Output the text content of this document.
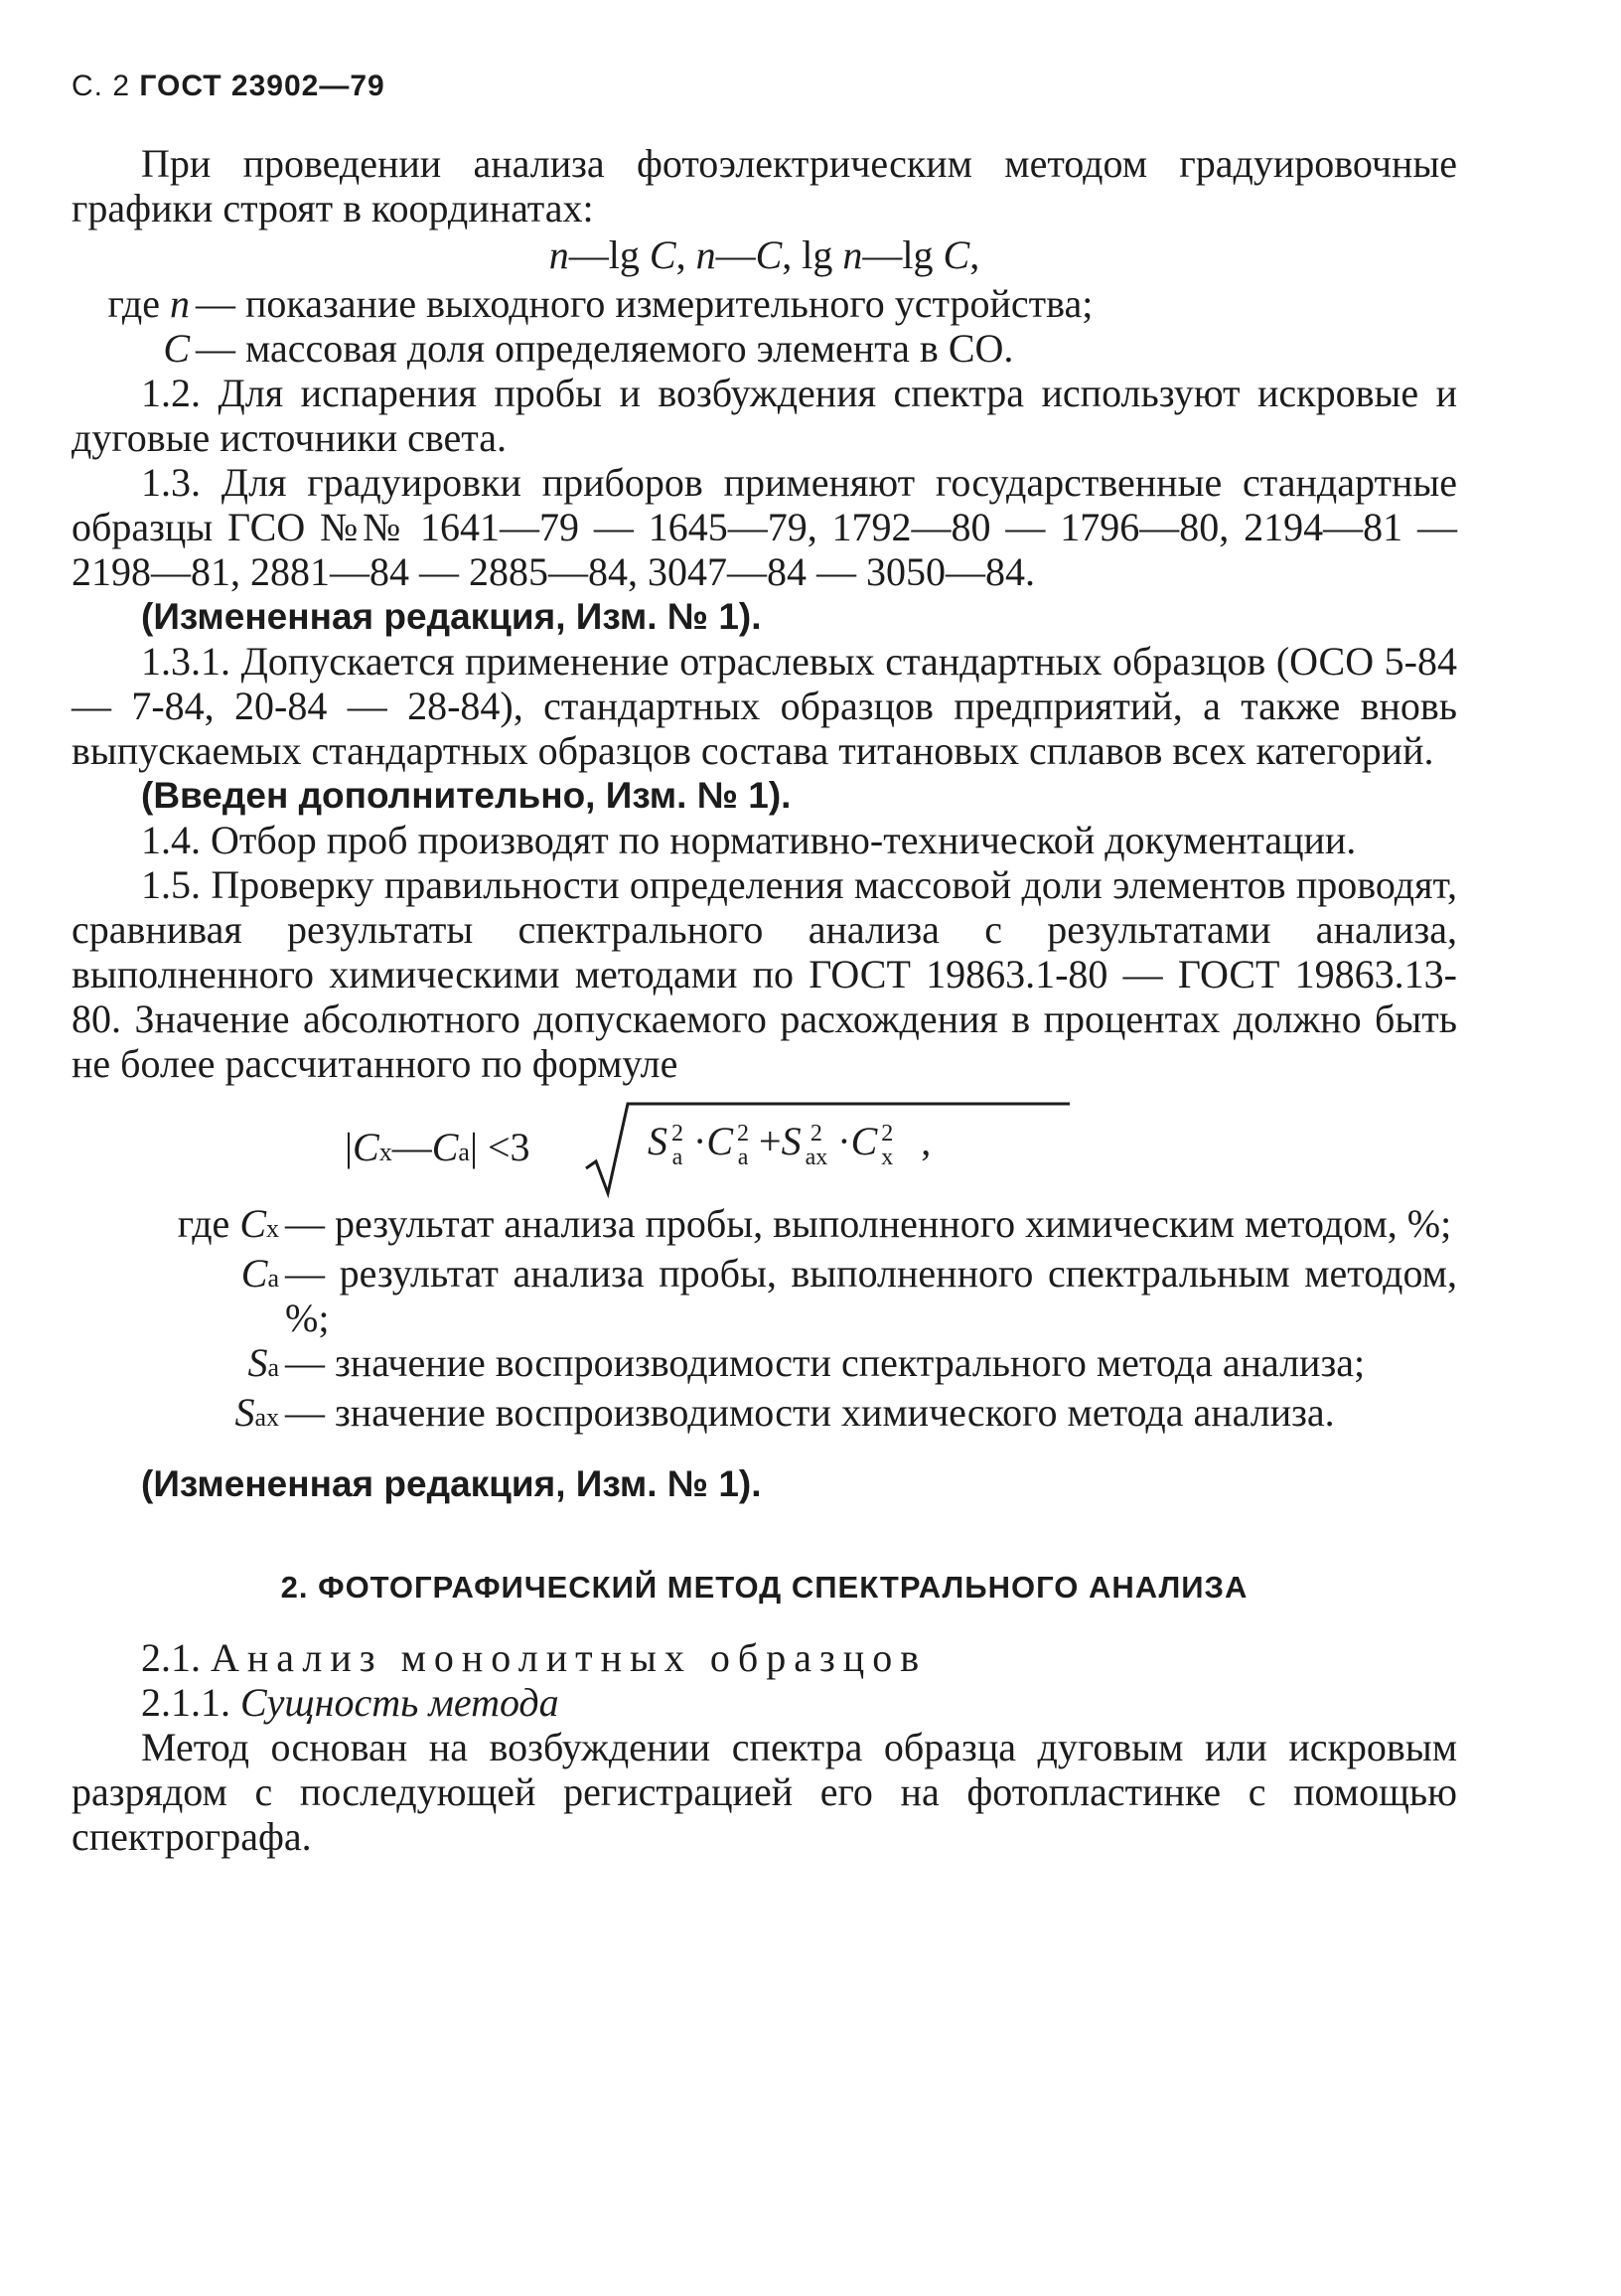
С. 2 ГОСТ 23902—79

При проведении анализа фотоэлектрическим методом градуировочные графики строят в координатах:

n—lg C, n—C, lg n—lg C,

где n — показание выходного измерительного устройства;
C — массовая доля определяемого элемента в СО.

1.2. Для испарения пробы и возбуждения спектра используют искровые и дуговые источники света.

1.3. Для градуировки приборов применяют государственные стандартные образцы ГСО №№ 1641—79 — 1645—79, 1792—80 — 1796—80, 2194—81 — 2198—81, 2881—84 — 2885—84, 3047—84 — 3050—84.

(Измененная редакция, Изм. № 1).

1.3.1. Допускается применение отраслевых стандартных образцов (ОСО 5-84 — 7-84, 20-84 — 28-84), стандартных образцов предприятий, а также вновь выпускаемых стандартных образцов состава титановых сплавов всех категорий.

(Введен дополнительно, Изм. № 1).

1.4. Отбор проб производят по нормативно-технической документации.

1.5. Проверку правильности определения массовой доли элементов проводят, сравнивая результаты спектрального анализа с результатами анализа, выполненного химическими методами по ГОСТ 19863.1-80 — ГОСТ 19863.13-80. Значение абсолютного допускаемого расхождения в процентах должно быть не более рассчитанного по формуле

|Cx—Ca| <3	S 2
a ·C 2
a +S 2
ax ·C 2
x ,
где Cx — результат анализа пробы, выполненного химическим методом, %;
Ca — результат анализа пробы, выполненного спектральным методом, %;
Sa — значение воспроизводимости спектрального метода анализа;
Sax — значение воспроизводимости химического метода анализа.

(Измененная редакция, Изм. № 1).

2. ФОТОГРАФИЧЕСКИЙ МЕТОД СПЕКТРАЛЬНОГО АНАЛИЗА

2.1. Анализ монолитных образцов

2.1.1. Сущность метода

Метод основан на возбуждении спектра образца дуговым или искровым разрядом с последующей регистрацией его на фотопластинке с помощью спектрографа.
